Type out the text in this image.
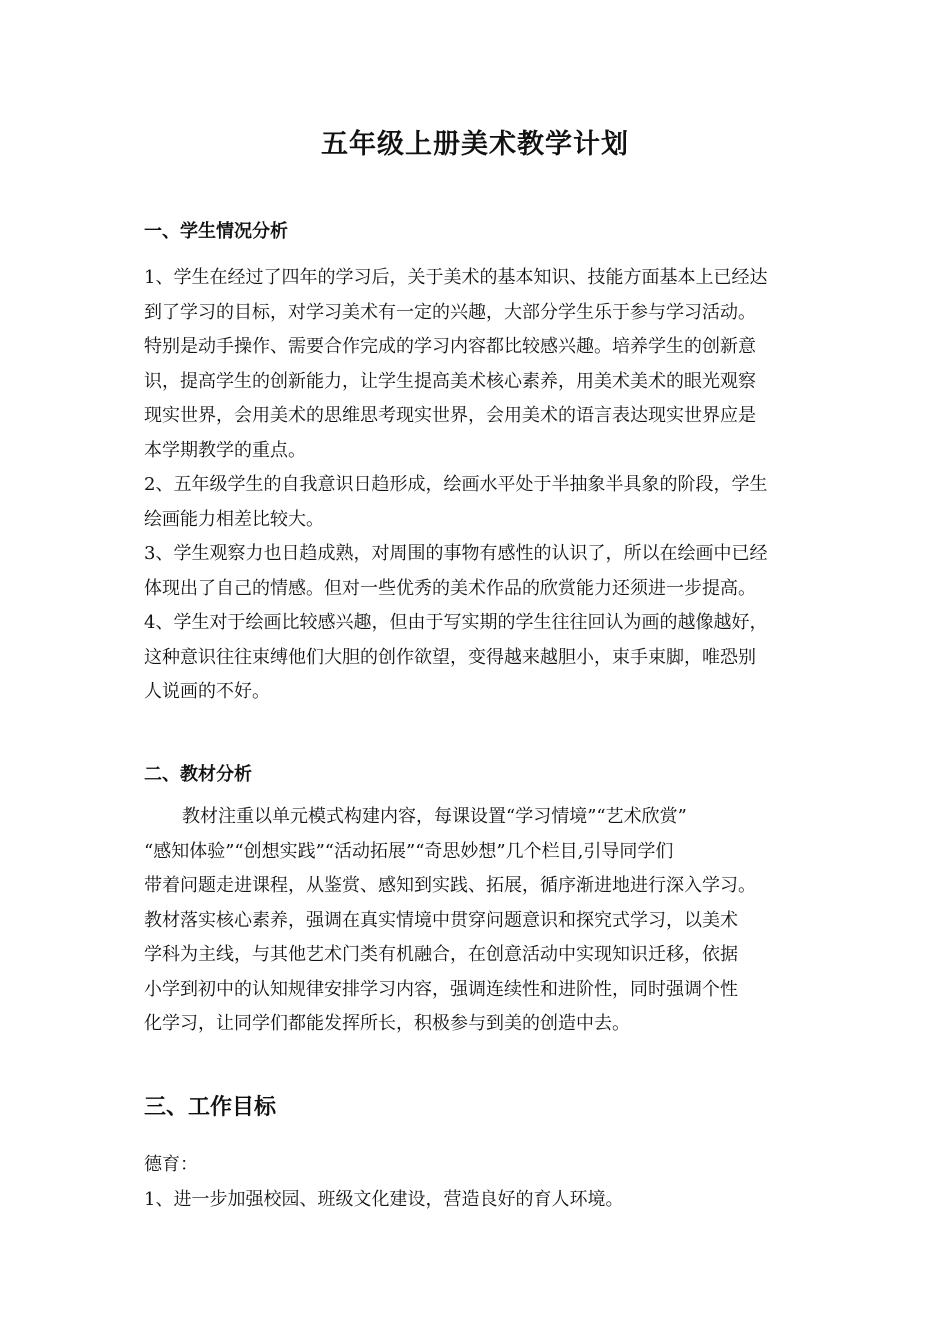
五年级上册美术教学计划
一、学生情况分析
1、学生在经过了四年的学习后，关于美术的基本知识、技能方面基本上已经达
到了学习的目标，对学习美术有一定的兴趣，大部分学生乐于参与学习活动。
特别是动手操作、需要合作完成的学习内容都比较感兴趣。培养学生的创新意
识，提高学生的创新能力，让学生提高美术核心素养，用美术美术的眼光观察
现实世界，会用美术的思维思考现实世界，会用美术的语言表达现实世界应是
本学期教学的重点。
2、五年级学生的自我意识日趋形成，绘画水平处于半抽象半具象的阶段，学生
绘画能力相差比较大。
3、学生观察力也日趋成熟，对周围的事物有感性的认识了，所以在绘画中已经
体现出了自己的情感。但对一些优秀的美术作品的欣赏能力还须进一步提高。
4、学生对于绘画比较感兴趣，但由于写实期的学生往往回认为画的越像越好，
这种意识往往束缚他们大胆的创作欲望，变得越来越胆小，束手束脚，唯恐别
人说画的不好。
二、教材分析
教材注重以单元模式构建内容，每课设置“学习情境”“艺术欣赏”
“感知体验”“创想实践”“活动拓展”“奇思妙想”几个栏目,引导同学们
带着问题走进课程，从鉴赏、感知到实践、拓展，循序渐进地进行深入学习。
教材落实核心素养，强调在真实情境中贯穿问题意识和探究式学习，以美术
学科为主线，与其他艺术门类有机融合，在创意活动中实现知识迁移，依据
小学到初中的认知规律安排学习内容，强调连续性和进阶性，同时强调个性
化学习，让同学们都能发挥所长，积极参与到美的创造中去。
三、工作目标
德育：
1、进一步加强校园、班级文化建设，营造良好的育人环境。
